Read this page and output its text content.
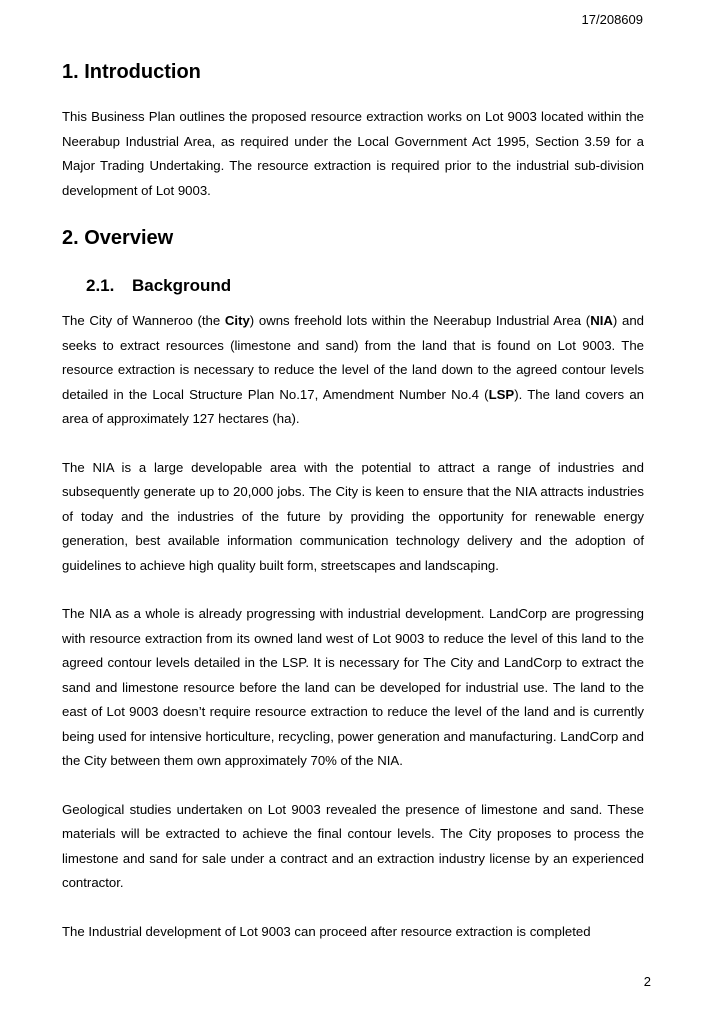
17/208609
1. Introduction

This Business Plan outlines the proposed resource extraction works on Lot 9003 located within the Neerabup Industrial Area, as required under the Local Government Act 1995, Section 3.59 for a Major Trading Undertaking. The resource extraction is required prior to the industrial sub-division development of Lot 9003.

2. Overview
2.1. Background

The City of Wanneroo (the City) owns freehold lots within the Neerabup Industrial Area (NIA) and seeks to extract resources (limestone and sand) from the land that is found on Lot 9003. The resource extraction is necessary to reduce the level of the land down to the agreed contour levels detailed in the Local Structure Plan No.17, Amendment Number No.4 (LSP). The land covers an area of approximately 127 hectares (ha).

The NIA is a large developable area with the potential to attract a range of industries and subsequently generate up to 20,000 jobs. The City is keen to ensure that the NIA attracts industries of today and the industries of the future by providing the opportunity for renewable energy generation, best available information communication technology delivery and the adoption of guidelines to achieve high quality built form, streetscapes and landscaping.

The NIA as a whole is already progressing with industrial development. LandCorp are progressing with resource extraction from its owned land west of Lot 9003 to reduce the level of this land to the agreed contour levels detailed in the LSP. It is necessary for The City and LandCorp to extract the sand and limestone resource before the land can be developed for industrial use. The land to the east of Lot 9003 doesn’t require resource extraction to reduce the level of the land and is currently being used for intensive horticulture, recycling, power generation and manufacturing. LandCorp and the City between them own approximately 70% of the NIA.

Geological studies undertaken on Lot 9003 revealed the presence of limestone and sand. These materials will be extracted to achieve the final contour levels. The City proposes to process the limestone and sand for sale under a contract and an extraction industry license by an experienced contractor.

The Industrial development of Lot 9003 can proceed after resource extraction is completed

2
